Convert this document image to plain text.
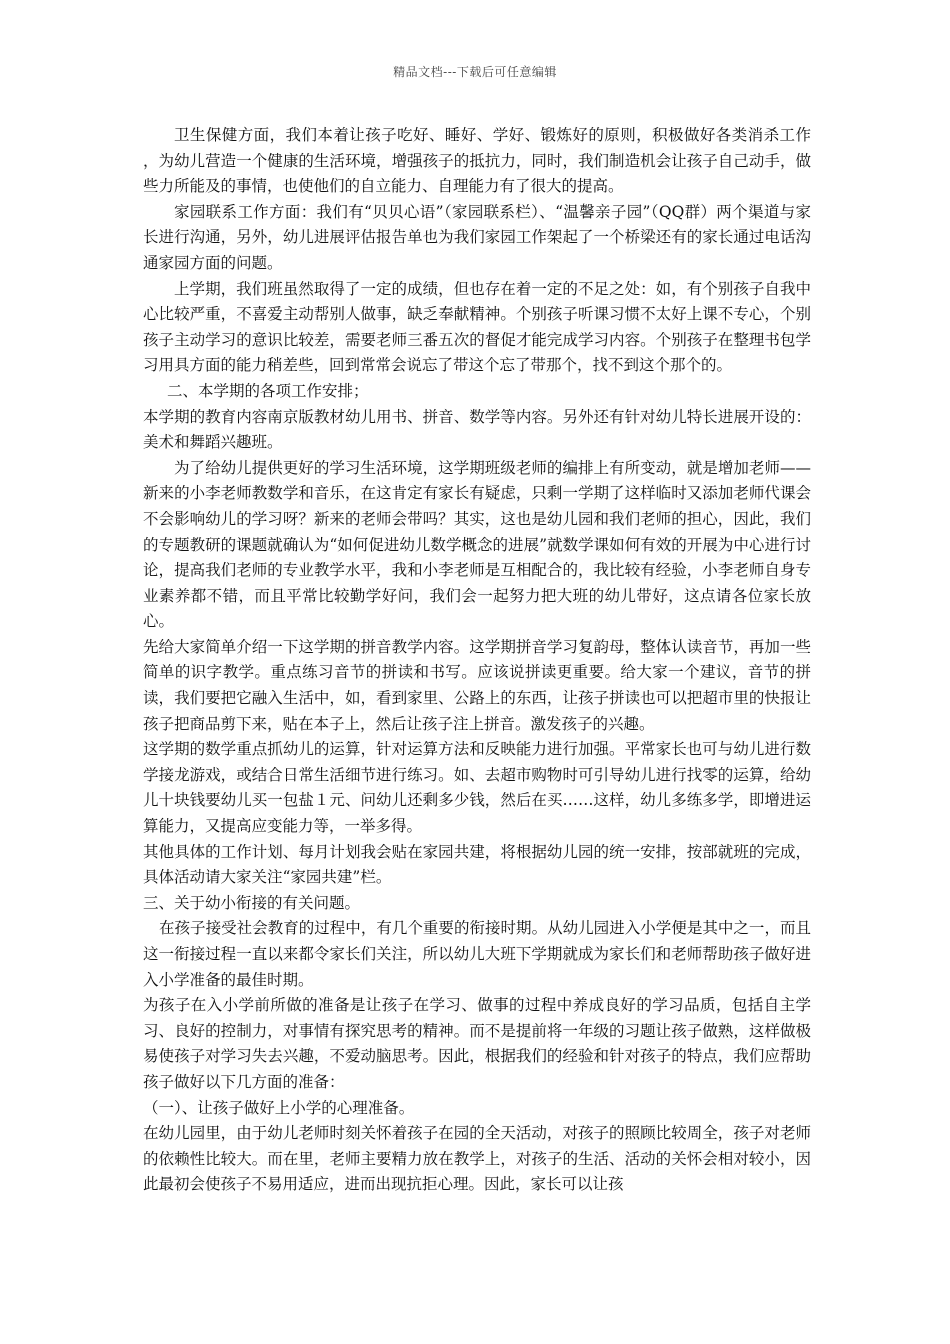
精品文档---下载后可任意编辑

卫生保健方面，我们本着让孩子吃好、睡好、学好、锻炼好的原则，积极做好各类消杀工作 ，为幼儿营造一个健康的生活环境，增强孩子的抵抗力，同时，我们制造机会让孩子自己动手，做些力所能及的事情，也使他们的自立能力、自理能力有了很大的提高。

家园联系工作方面：我们有“贝贝心语”（家园联系栏）、“温馨亲子园”（QQ群）两个渠道与家长进行沟通，另外，幼儿进展评估报告单也为我们家园工作架起了一个桥梁还有的家长通过电话沟通家园方面的问题。

上学期，我们班虽然取得了一定的成绩，但也存在着一定的不足之处：如，有个别孩子自我中心比较严重，不喜爱主动帮别人做事，缺乏奉献精神。个别孩子听课习惯不太好上课不专心，个别孩子主动学习的意识比较差，需要老师三番五次的督促才能完成学习内容。个别孩子在整理书包学习用具方面的能力稍差些，回到常常会说忘了带这个忘了带那个，找不到这个那个的。

二、本学期的各项工作安排；

本学期的教育内容南京版教材幼儿用书、拼音、数学等内容。另外还有针对幼儿特长进展开设的：美术和舞蹈兴趣班。

为了给幼儿提供更好的学习生活环境，这学期班级老师的编排上有所变动，就是增加老师——新来的小李老师教数学和音乐，在这肯定有家长有疑虑，只剩一学期了这样临时又添加老师代课会不会影响幼儿的学习呀？新来的老师会带吗？其实，这也是幼儿园和我们老师的担心，因此，我们的专题教研的课题就确认为“如何促进幼儿数学概念的进展”就数学课如何有效的开展为中心进行讨论，提高我们老师的专业教学水平，我和小李老师是互相配合的，我比较有经验，小李老师自身专业素养都不错，而且平常比较勤学好问，我们会一起努力把大班的幼儿带好，这点请各位家长放心。

先给大家简单介绍一下这学期的拼音教学内容。这学期拼音学习复韵母，整体认读音节，再加一些简单的识字教学。重点练习音节的拼读和书写。应该说拼读更重要。给大家一个建议，音节的拼读，我们要把它融入生活中，如，看到家里、公路上的东西，让孩子拼读也可以把超市里的快报让孩子把商品剪下来，贴在本子上，然后让孩子注上拼音。激发孩子的兴趣。

这学期的数学重点抓幼儿的运算，针对运算方法和反映能力进行加强。平常家长也可与幼儿进行数学接龙游戏，或结合日常生活细节进行练习。如、去超市购物时可引导幼儿进行找零的运算，给幼儿十块钱要幼儿买一包盐１元、问幼儿还剩多少钱，然后在买……这样，幼儿多练多学，即增进运算能力，又提高应变能力等，一举多得。

其他具体的工作计划、每月计划我会贴在家园共建，将根据幼儿园的统一安排，按部就班的完成，具体活动请大家关注“家园共建”栏。

三、关于幼小衔接的有关问题。

在孩子接受社会教育的过程中，有几个重要的衔接时期。从幼儿园进入小学便是其中之一，而且这一衔接过程一直以来都令家长们关注，所以幼儿大班下学期就成为家长们和老师帮助孩子做好进入小学准备的最佳时期。

为孩子在入小学前所做的准备是让孩子在学习、做事的过程中养成良好的学习品质，包括自主学习、良好的控制力，对事情有探究思考的精神。而不是提前将一年级的习题让孩子做熟，这样做极易使孩子对学习失去兴趣，不爱动脑思考。因此，根据我们的经验和针对孩子的特点，我们应帮助孩子做好以下几方面的准备：

（一）、让孩子做好上小学的心理准备。

在幼儿园里，由于幼儿老师时刻关怀着孩子在园的全天活动，对孩子的照顾比较周全，孩子对老师的依赖性比较大。而在里，老师主要精力放在教学上，对孩子的生活、活动的关怀会相对较小，因此最初会使孩子不易用适应，进而出现抗拒心理。因此，家长可以让孩
